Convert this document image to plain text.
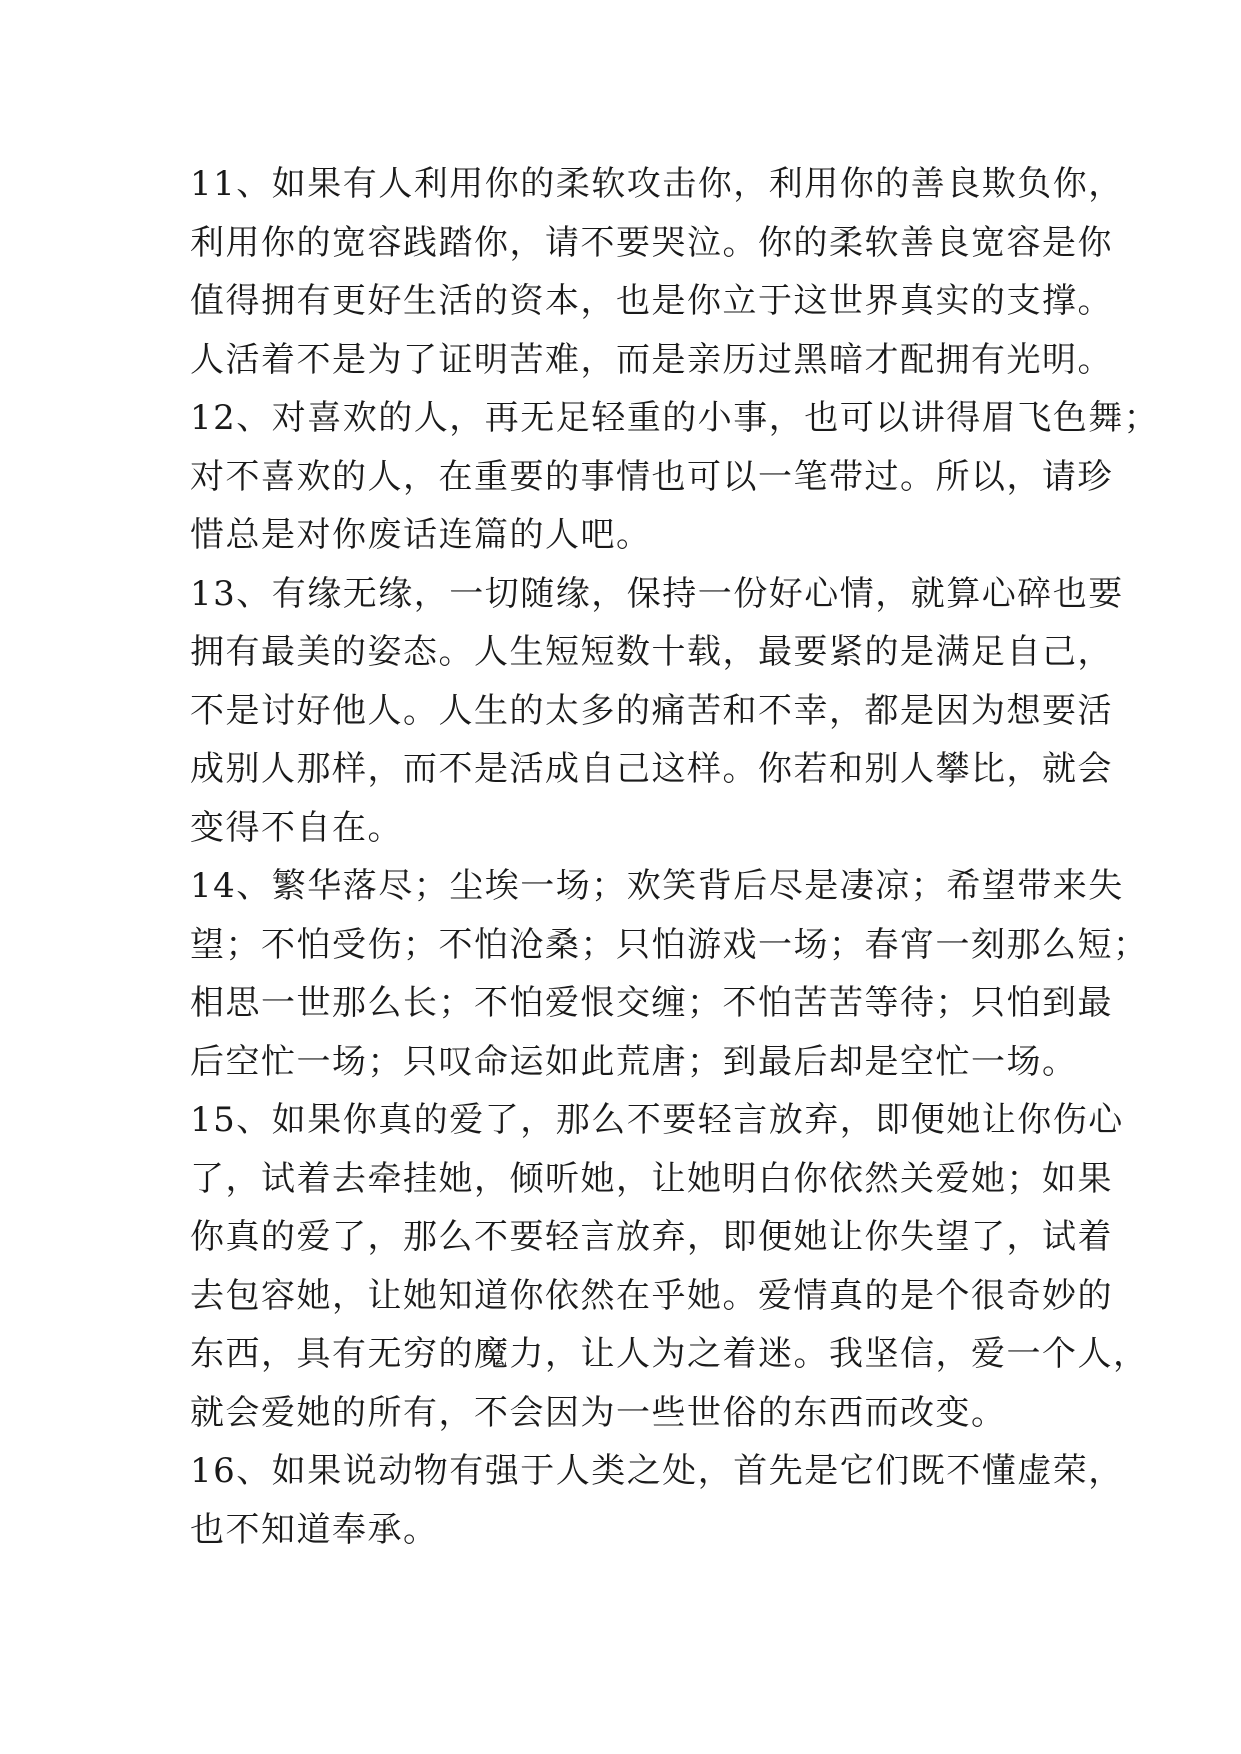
11、如果有人利用你的柔软攻击你，利用你的善良欺负你，
利用你的宽容践踏你，请不要哭泣。你的柔软善良宽容是你
值得拥有更好生活的资本，也是你立于这世界真实的支撑。
人活着不是为了证明苦难，而是亲历过黑暗才配拥有光明。
12、对喜欢的人，再无足轻重的小事，也可以讲得眉飞色舞；
对不喜欢的人，在重要的事情也可以一笔带过。所以，请珍
惜总是对你废话连篇的人吧。
13、有缘无缘，一切随缘，保持一份好心情，就算心碎也要
拥有最美的姿态。人生短短数十载，最要紧的是满足自己，
不是讨好他人。人生的太多的痛苦和不幸，都是因为想要活
成别人那样，而不是活成自己这样。你若和别人攀比，就会
变得不自在。
14、繁华落尽；尘埃一场；欢笑背后尽是凄凉；希望带来失
望；不怕受伤；不怕沧桑；只怕游戏一场；春宵一刻那么短；
相思一世那么长；不怕爱恨交缠；不怕苦苦等待；只怕到最
后空忙一场；只叹命运如此荒唐；到最后却是空忙一场。
15、如果你真的爱了，那么不要轻言放弃，即便她让你伤心
了，试着去牵挂她，倾听她，让她明白你依然关爱她；如果
你真的爱了，那么不要轻言放弃，即便她让你失望了，试着
去包容她，让她知道你依然在乎她。爱情真的是个很奇妙的
东西，具有无穷的魔力，让人为之着迷。我坚信，爱一个人，
就会爱她的所有，不会因为一些世俗的东西而改变。
16、如果说动物有强于人类之处，首先是它们既不懂虚荣，
也不知道奉承。
